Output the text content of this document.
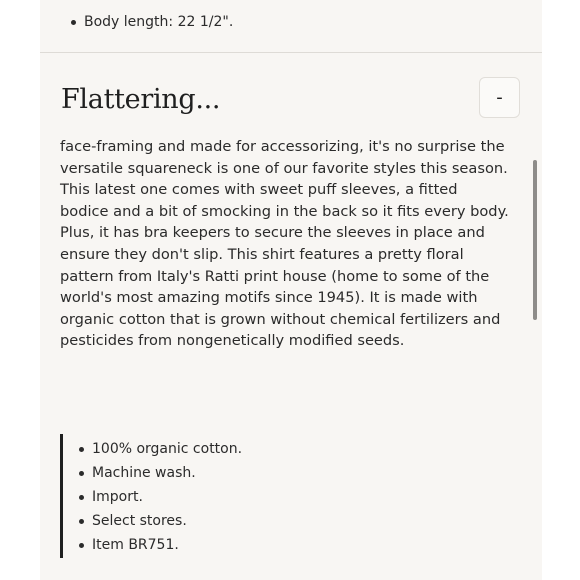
Body length: 22 1/2".
Flattering...	-

face-framing and made for accessorizing, it's no surprise the versatile squareneck is one of our favorite styles this season. This latest one comes with sweet puff sleeves, a fitted bodice and a bit of smocking in the back so it fits every body. Plus, it has bra keepers to secure the sleeves in place and ensure they don't slip. This shirt features a pretty floral pattern from Italy's Ratti print house (home to some of the world's most amazing motifs since 1945). It is made with organic cotton that is grown without chemical fertilizers and pesticides from nongenetically modified seeds.

100% organic cotton.
Machine wash.
Import.
Select stores.
Item BR751.
